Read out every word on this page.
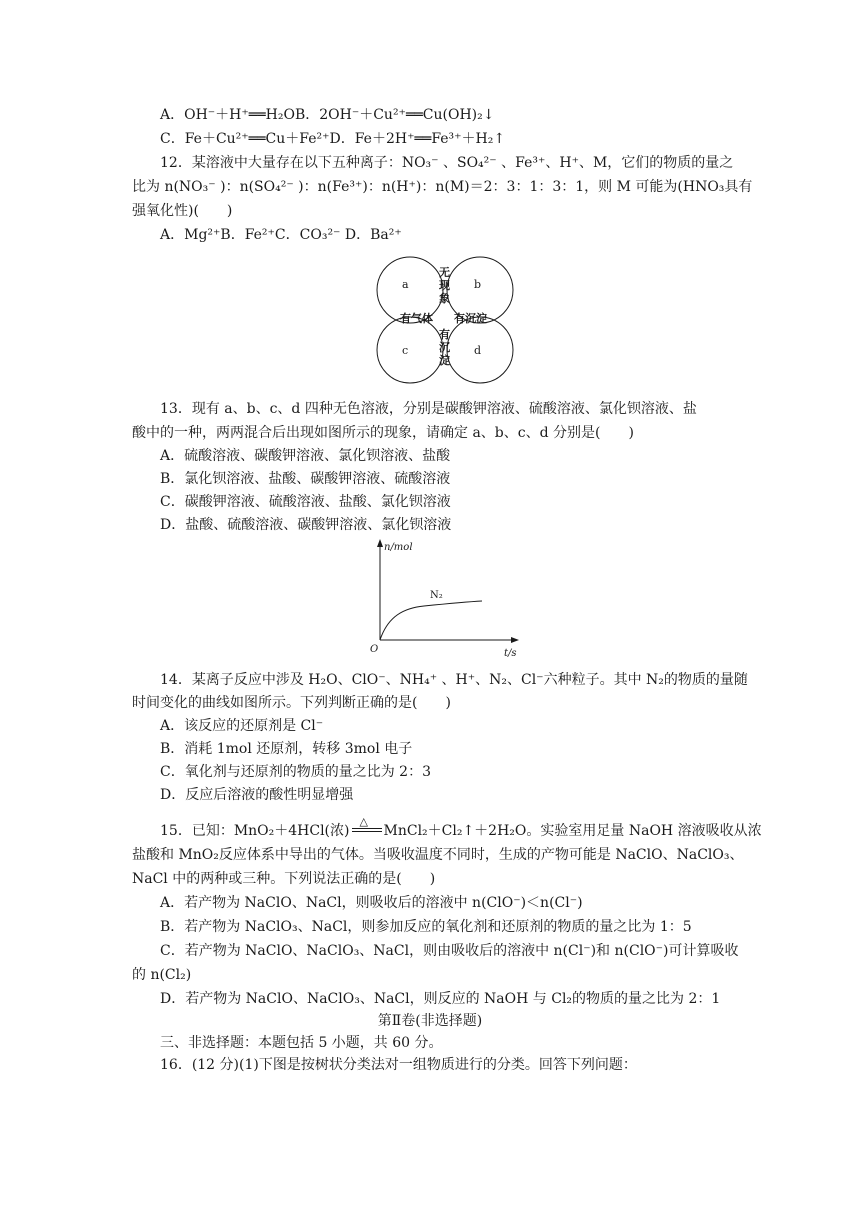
A．OH⁻＋H⁺══H₂OB．2OH⁻＋Cu²⁺══Cu(OH)₂↓
C．Fe＋Cu²⁺══Cu＋Fe²⁺D．Fe＋2H⁺══Fe³⁺＋H₂↑
12．某溶液中大量存在以下五种离子：NO₃⁻ 、SO₄²⁻ 、Fe³⁺、H⁺、M，它们的物质的量之
比为 n(NO₃⁻ )：n(SO₄²⁻ )：n(Fe³⁺)：n(H⁺)：n(M)＝2：3：1：3：1，则 M 可能为(HNO₃具有
强氧化性)(　　)
A．Mg²⁺B．Fe²⁺C．CO₃²⁻ D．Ba²⁺
a	b
c	d
无
现
象
有气体 有沉淀
有
沉
淀
13．现有 a、b、c、d 四种无色溶液，分别是碳酸钾溶液、硫酸溶液、氯化钡溶液、盐
酸中的一种，两两混合后出现如图所示的现象，请确定 a、b、c、d 分别是(　　)
A．硫酸溶液、碳酸钾溶液、氯化钡溶液、盐酸
B．氯化钡溶液、盐酸、碳酸钾溶液、硫酸溶液
C．碳酸钾溶液、硫酸溶液、盐酸、氯化钡溶液
D．盐酸、硫酸溶液、碳酸钾溶液、氯化钡溶液
n/mol
t/s
O
N₂
14．某离子反应中涉及 H₂O、ClO⁻、NH₄⁺ 、H⁺、N₂、Cl⁻六种粒子。其中 N₂的物质的量随
时间变化的曲线如图所示。下列判断正确的是(　　)
A．该反应的还原剂是 Cl⁻
B．消耗 1mol 还原剂，转移 3mol 电子
C．氧化剂与还原剂的物质的量之比为 2：3
D．反应后溶液的酸性明显增强
15．已知：MnO₂＋4HCl(浓)
△
MnCl₂＋Cl₂↑＋2H₂O。实验室用足量 NaOH 溶液吸收从浓
盐酸和 MnO₂反应体系中导出的气体。当吸收温度不同时，生成的产物可能是 NaClO、NaClO₃、
NaCl 中的两种或三种。下列说法正确的是(　　)
A．若产物为 NaClO、NaCl，则吸收后的溶液中 n(ClO⁻)＜n(Cl⁻)
B．若产物为 NaClO₃、NaCl，则参加反应的氧化剂和还原剂的物质的量之比为 1：5
C．若产物为 NaClO、NaClO₃、NaCl，则由吸收后的溶液中 n(Cl⁻)和 n(ClO⁻)可计算吸收
的 n(Cl₂)
D．若产物为 NaClO、NaClO₃、NaCl，则反应的 NaOH 与 Cl₂的物质的量之比为 2：1
第Ⅱ卷(非选择题)
三、非选择题：本题包括 5 小题，共 60 分。
16．(12 分)(1)下图是按树状分类法对一组物质进行的分类。回答下列问题：
